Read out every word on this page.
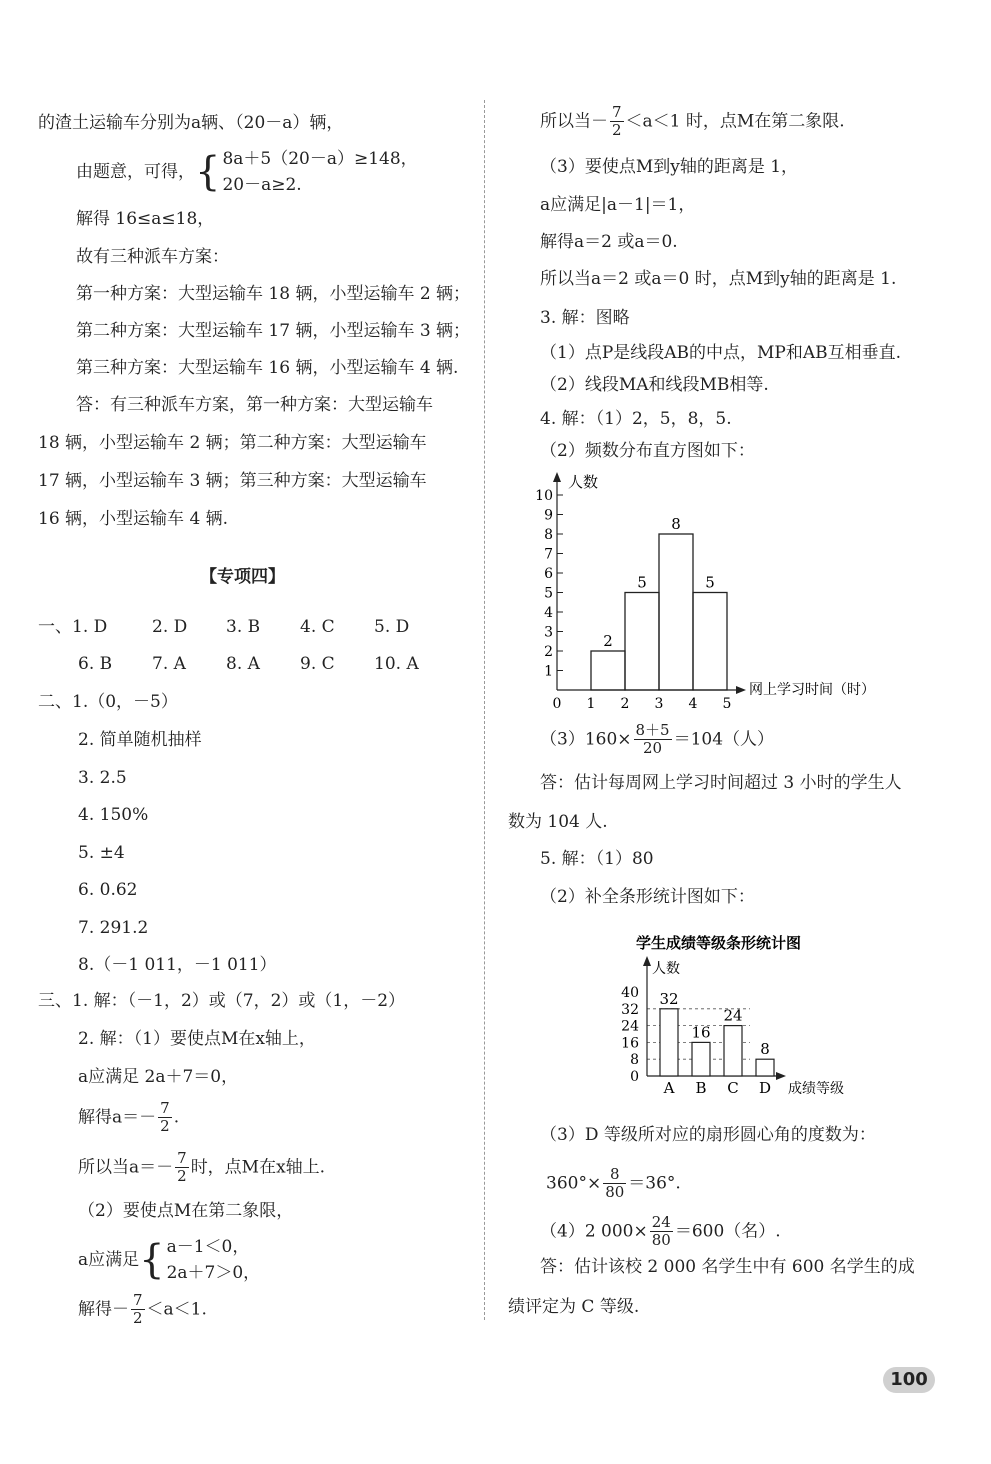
的渣土运输车分别为a辆、（20－a）辆，
由题意，可得，{ 8a＋5（20－a）≥148，
20－a≥2.
解得 16≤a≤18，
故有三种派车方案：
第一种方案：大型运输车 18 辆，小型运输车 2 辆；
第二种方案：大型运输车 17 辆，小型运输车 3 辆；
第三种方案：大型运输车 16 辆，小型运输车 4 辆.
答：有三种派车方案，第一种方案：大型运输车
18 辆，小型运输车 2 辆；第二种方案：大型运输车
17 辆，小型运输车 3 辆；第三种方案：大型运输车
16 辆，小型运输车 4 辆.
【专项四】
一、1. D	2. D 3. B 4. C 5. D
6. B 7. A 8. A 9. C 10. A
二、1.（0，－5）
2. 简单随机抽样
3. 2.5
4. 150%
5. ±4
6. 0.62
7. 291.2
8.（－1 011，－1 011）
三、1. 解：（－1，2）或（7，2）或（1，－2）
2. 解：（1）要使点M在x轴上，
a应满足 2a＋7＝0，
解得$a=- \frac{7}{2}$ .
所以当$a=- \frac{7}{2}$ 时，点M在x轴上.
（2）要使点M在第二象限，
a应满足{ a－1＜0，
2a＋7＞0，
解得－ $\frac{7}{2} <a<1$.
所以当－ $\frac{7}{2} <a<1$ 时，点M在第二象限.
（3）要使点M到y轴的距离是 1，
a应满足|a－1|＝1，
解得a＝2 或a＝0.
所以当a＝2 或a＝0 时，点M到y轴的距离是 1.
3. 解：图略
（1）点P是线段AB的中点，MP和AB互相垂直.
（2）线段MA和线段MB相等.
4. 解：（1）2，5，8，5.
（2）频数分布直方图如下：
人数
网上学习时间（时）
1
2
3
4
5
6
7
8
9
10
0 1 2 3 4 5
2
5
8
5
$(3)160\times \frac{8+5}{20} =104$（人）
答：估计每周网上学习时间超过 3 小时的学生人
数为 104 人.
5. 解：（1）80
（2）补全条形统计图如下：
学生成绩等级条形统计图
人数
成绩等级
0
8
16
24
32
40
A B C D
32
16
24
8
（3）D 等级所对应的扇形圆心角的度数为：
$360^\circ\times \frac{8}{80} =36^\circ$.
（4）2 $000\times \frac{24}{80} =600$（名）.
答：估计该校 2 000 名学生中有 600 名学生的成
绩评定为 C 等级.
100
